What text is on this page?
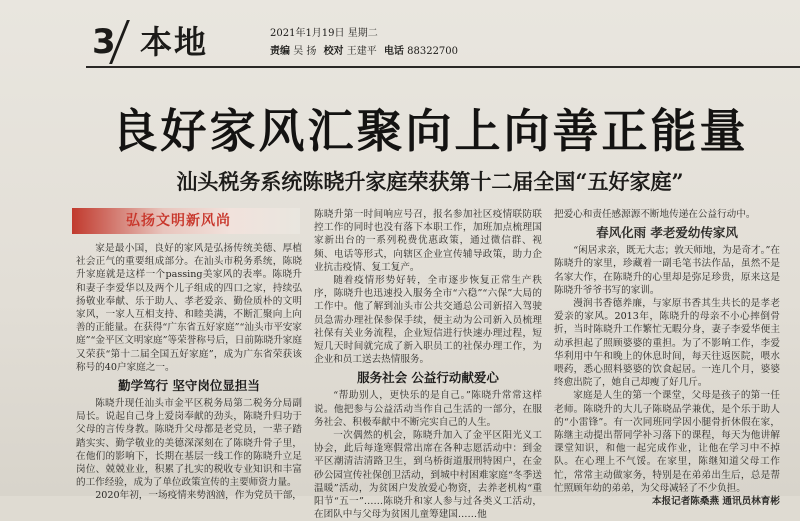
3 本地	2021年1月19日 星期二
责编 吴 扬 校对 王建平 电话 88322700
良好家风汇聚向上向善正能量
汕头税务系统陈晓升家庭荣获第十二届全国“五好家庭”
弘扬文明新风尚

家是最小国，良好的家风是弘扬传统美德、厚植社会正气的重要组成部分。在汕头市税务系统，陈晓升家庭就是这样一个passing美家风的表率。陈晓升和妻子李爱华以及两个儿子组成的四口之家，持续弘扬敬业奉献、乐于助人、孝老爱亲、勤俭质朴的文明家风，一家人互相支持、和睦美满，不断汇聚向上向善的正能量。在获得“广东省五好家庭”“汕头市平安家庭”“金平区文明家庭”等荣誉称号后，日前陈晓升家庭又荣获“第十二届全国五好家庭”，成为广东省荣获该称号的40户家庭之一。

勤学笃行 坚守岗位显担当

陈晓升现任汕头市金平区税务局第二税务分局副局长。说起自己身上爱岗奉献的劲头，陈晓升归功于父母的言传身教。陈晓升父母都是老党员，一辈子踏踏实实、勤学敬业的美德深深刻在了陈晓升骨子里，在他们的影响下，长期在基层一线工作的陈晓升立足岗位、兢兢业业，积累了扎实的税收专业知识和丰富的工作经验，成为了单位政策宣传的主要师资力量。

2020年初，一场疫情来势汹汹，作为党员干部，

陈晓升第一时间响应号召，报名参加社区疫情联防联控工作的同时也没有落下本职工作，加班加点梳理国家新出台的一系列税费优惠政策，通过微信群、视频、电话等形式，向辖区企业宣传辅导政策，助力企业抗击疫情、复工复产。

随着疫情形势好转，全市逐步恢复正常生产秩序，陈晓升也迅速投入服务全市“六稳”“六保”大局的工作中。他了解到汕头市公共交通总公司新招入驾驶员急需办理社保参保手续，便主动为公司新入员梳理社保有关业务流程，企业短信进行快速办理过程，短短几天时间就完成了新入职员工的社保办理工作，为企业和员工送去热情服务。

服务社会 公益行动献爱心

“帮助别人，更快乐的是自己。”陈晓升常常这样说。他把参与公益活动当作自己生活的一部分，在服务社会、积极奉献中不断完实自己的人生。

一次偶然的机会，陈晓升加入了金平区阳光义工协会，此后每逢寒假常出席在各种志愿活动中：到金平区潮清洁清路卫生，到乌桥街道服刑特困户，在金砂公园宣传社保创卫活动，到城中村困难家庭“冬季送温暖”活动，为贫困户发放爱心物资，去养老机构“重阳节“五一”……陈晓升和家人参与过各类义工活动，在团队中与父母为贫困儿童筹建国……他

把爱心和责任感源源不断地传递在公益行动中。

春风化雨 孝老爱幼传家风

“闲居求亲，既无大志；敦天师地，为是奇才。”在陈晓升的家里，珍藏着一副毛笔书法作品，虽然不是名家大作，在陈晓升的心里却是弥足珍贵，原来这是陈晓升爷爷书写的家训。

漫润书香德养廉，与家原书香其生共长的是孝老爱亲的家风。2013年，陈晓升的母亲不小心摔倒骨折，当时陈晓升工作繁忙无暇分身，妻子李爱华便主动承担起了照顾婆婆的重担。为了不影响工作，李爱华利用中午和晚上的休息时间，每天往返医院，喂水喂药，悉心照料婆婆的饮食起居。一连几个月，婆婆终愈出院了，她自己却瘦了好几斤。

家庭是人生的第一个课堂，父母是孩子的第一任老师。陈晓升的大儿子陈晓品学兼优，是个乐于助人的“小雷锋”。有一次同班同学因小腿骨折休假在家，陈继主动提出帮同学补习落下的课程，每天为他讲解课堂知识，和他一起完成作业，让他在学习中不掉队。在心理上不气馁。在家里，陈继知道父母工作忙，常常主动做家务，特别是在弟弟出生后，总是帮忙照顾年幼的弟弟，为父母减轻了不少负担。

本报记者陈桑燕 通讯员林育彬
